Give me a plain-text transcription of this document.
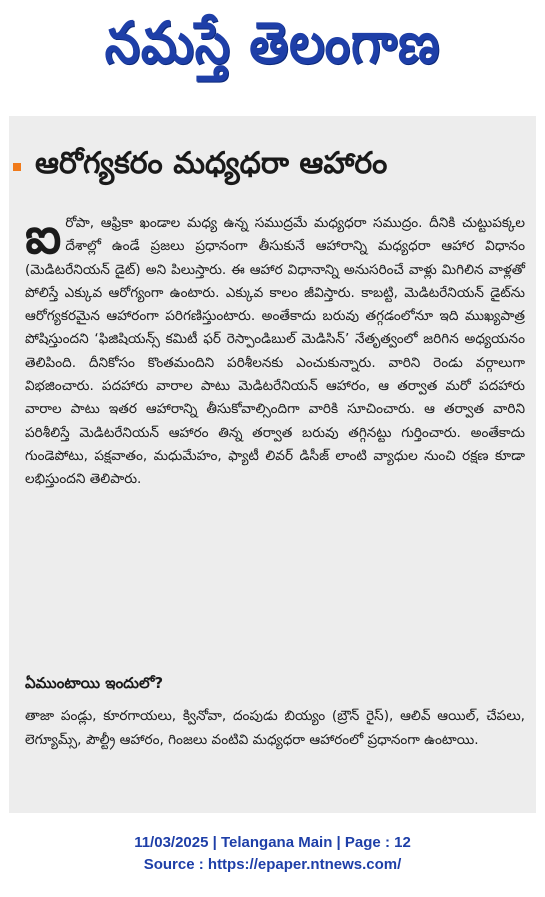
నమస్తే తెలంగాణ
ఆరోగ్యకరం మధ్యధరా ఆహారం
ఐ రోపా, ఆఫ్రికా ఖండాల మధ్య ఉన్న సముద్రమే మధ్యధరా సముద్రం. దీనికి చుట్టుపక్కల దేశాల్లో ఉండే ప్రజలు ప్రధానంగా తీసుకునే ఆహారాన్ని మధ్యధరా ఆహార విధానం (మెడిటరేనియన్ డైట్) అని పిలుస్తారు. ఈ ఆహార విధానాన్ని అనుసరించే వాళ్లు మిగిలిన వాళ్లతో పోలిస్తే ఎక్కువ ఆరోగ్యంగా ఉంటారు. ఎక్కువ కాలం జీవిస్తారు. కాబట్టి, మెడిటరేనియన్ డైట్‌ను ఆరోగ్యకరమైన ఆహారంగా పరిగణిస్తుంటారు. అంతేకాదు బరువు తగ్గడంలోనూ ఇది ముఖ్యపాత్ర పోషిస్తుందని ‘ఫిజిషియన్స్ కమిటీ ఫర్ రెస్పాండిబుల్ మెడిసిన్’ నేతృత్వంలో జరిగిన అధ్యయనం తెలిపింది. దీనికోసం కొంతమందిని పరిశీలనకు ఎంచుకున్నారు. వారిని రెండు వర్గాలుగా విభజించారు. పదహారు వారాల పాటు మెడిటరేనియన్ ఆహారం, ఆ తర్వాత మరో పదహారు వారాల పాటు ఇతర ఆహారాన్ని తీసుకోవాల్సిందిగా వారికి సూచించారు. ఆ తర్వాత వారిని పరిశీలిస్తే మెడిటరేనియన్ ఆహారం తిన్న తర్వాత బరువు తగ్గినట్టు గుర్తించారు. అంతేకాదు గుండెపోటు, పక్షవాతం, మధుమేహం, ఫ్యాటీ లివర్ డిసీజ్ లాంటి వ్యాధుల నుంచి రక్షణ కూడా లభిస్తుందని తెలిపారు.

ఏముంటాయి ఇందులో?

తాజా పండ్లు, కూరగాయలు, క్వినోవా, దంపుడు బియ్యం (బ్రౌన్ రైస్), ఆలివ్ ఆయిల్, చేపలు, లెగ్యూమ్స్, పౌల్ట్రీ ఆహారం, గింజలు వంటివి మధ్యధరా ఆహారంలో ప్రధానంగా ఉంటాయి.

11/03/2025 | Telangana Main | Page : 12
Source : https://epaper.ntnews.com/
